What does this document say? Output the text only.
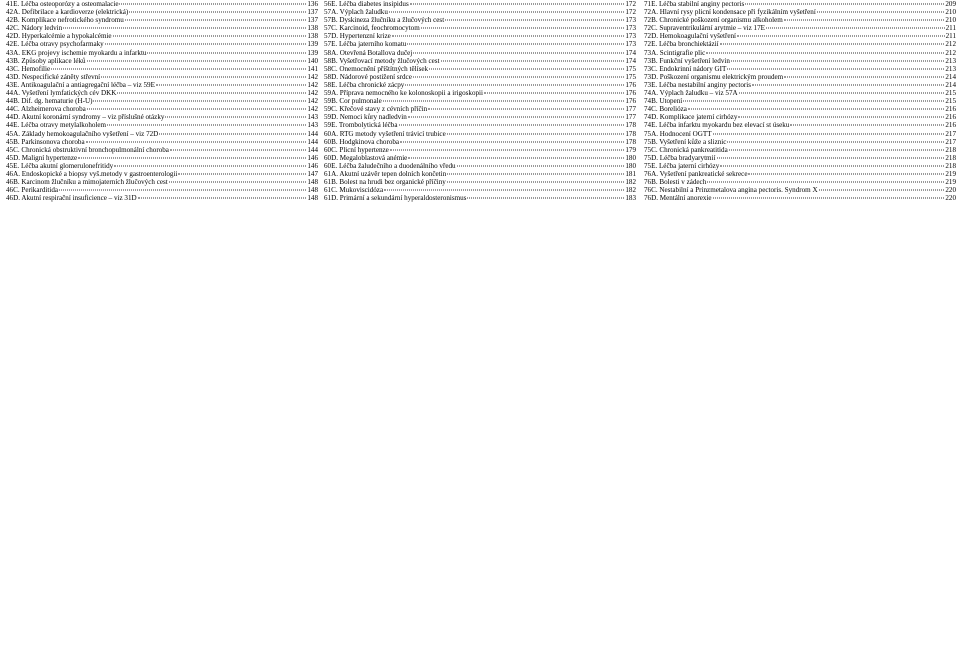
41E. Léčba osteoporózy a osteomalacie	136
42A. Defibrilace a kardioverze (elektrická)	137
42B. Komplikace nefrotického syndromu	137
42C. Nádory ledvin	138
42D. Hyperkalcémie a hypokalcémie	138
42E. Léčba otravy psychofarmaky	139
43A. EKG projevy ischemie myokardu a infarktu	139
43B. Způsoby aplikace léků	140
43C. Hemofilie	141
43D. Nespecifické záněty střevní	142
43E. Antikoagulační a antiagregační léčba – viz 59E	142
44A. Vyšetření lymfatických cév DKK	142
44B. Dif. dg. hematurie (H-U)	142
44C. Alzheimerova choroba	142
44D. Akutní koronární syndromy – viz příslušné otázky	143
44E. Léčba otravy metylalkoholem	143
45A. Základy hemokoagulačního vyšetření – viz 72D	144
45B. Parkinsonova choroba	144
45C. Chronická obstruktivní bronchopulmonální choroba	144
45D. Maligní hypertenze	146
45E. Léčba akutní glomerulonefritidy	146
46A. Endoskopické a biopsy vyš.metody v gastroenterologii	147
46B. Karcinom žlučníku a mimojaterních žlučových cest	148
46C. Perikarditida	148
46D. Akutní respirační insuficience – viz 31D	148
56E. Léčba diabetes insipidus	172
57A. Výplach žaludku	172
57B. Dyskineza žlučníku a žlučových cest	173
57C. Karcinoid, feochromocytom	173
57D. Hypertenzní krize	173
57E. Léčba jaterního komatu	173
58A. Otevřená Botallova dučej	174
58B. Vyšetřovací metody žlučových cest	174
58C. Onemocnění příštítných tělísek	175
58D. Nádorové postižení srdce	175
58E. Léčba chronické zácpy	176
59A. Příprava nemocného ke kolonoskopii a irigoskopii	176
59B. Cor pulmonale	176
59C. Křečové stavy z cévních příčin	177
59D. Nemoci kůry nadledvin	177
59E. Trombolytická léčba	178
60A. RTG metody vyšetření trávicí trubice	178
60B. Hodgkinova choroba	178
60C. Plicní hypertenze	179
60D. Megaloblastová anémie	180
60E. Léčba žaludečního a duodenálního vředu	180
61A. Akutní uzávěr tepen dolních končetin	181
61B. Bolest na hrudi bez organické příčiny	182
61C. Mukoviscidóza	182
61D. Primární a sekundární hyperaldosteronismus	183
71E. Léčba stabilní anginy pectoris	209
72A. Hlavní rysy plicní kondensace při fyzikálním vyšetření	210
72B. Chronické poškození organismu alkoholem	210
72C. Supraventrikulární arytmie – viz 17E	211
72D. Hemokoagulační vyšetření	211
72E. Léčba bronchiektázií	212
73A. Scintigrafie plic	212
73B. Funkční vyšetření ledvin	213
73C. Endokrinní nádory GIT	213
73D. Poškození organismu elektrickým proudem	214
73E. Léčba nestabilní anginy pectoris	214
74A. Výplach žaludku – viz 57A	215
74B. Utopení	215
74C. Borelióza	216
74D. Komplikace jaterní cirhózy	216
74E. Léčba infarktu myokardu bez elevací st úseku	216
75A. Hodnocení OGTT	217
75B. Vyšetření kůže a sliznic	217
75C. Chronická pankreatitida	218
75D. Léčba bradyarytmií	218
75E. Léčba jaterní cirhózy	218
76A. Vyšetření pankreatické sekrece	219
76B. Bolesti v zádech	219
76C. Nestabilní a Prinzmetalova angina pectoris. Syndrom X	220
76D. Mentální anorexie	220
